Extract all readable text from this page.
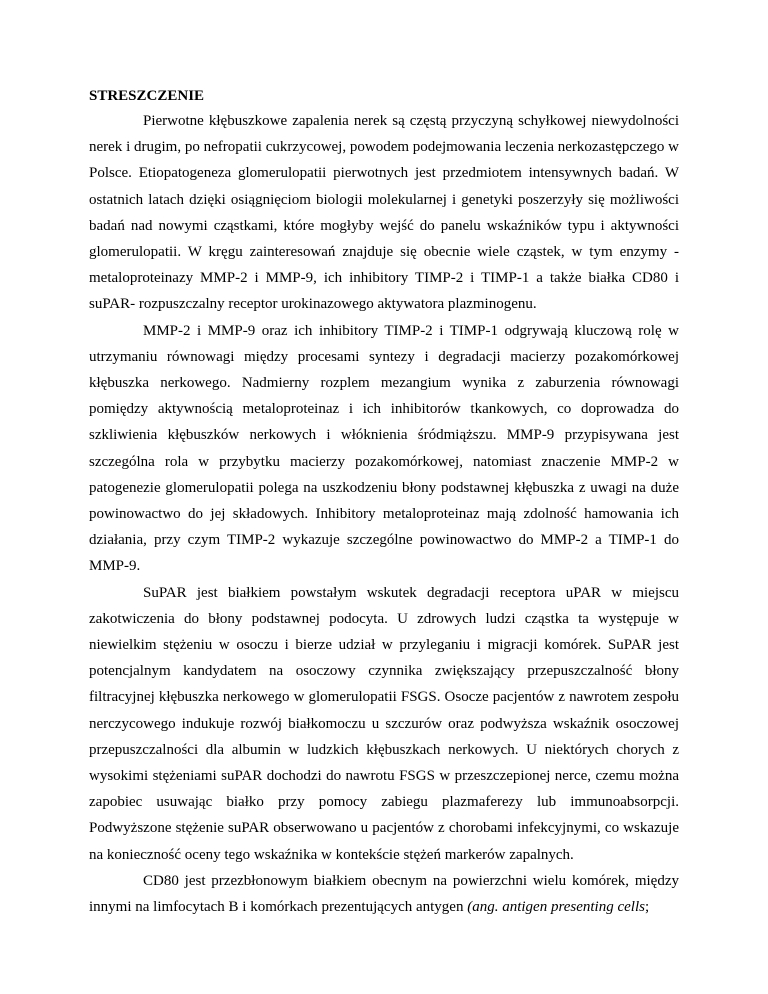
STRESZCZENIE

Pierwotne kłębuszkowe zapalenia nerek są częstą przyczyną schyłkowej niewydolności nerek i drugim, po nefropatii cukrzycowej, powodem podejmowania leczenia nerkozastępczego w Polsce. Etiopatogeneza glomerulopatii pierwotnych jest przedmiotem intensywnych badań. W ostatnich latach dzięki osiągnięciom biologii molekularnej i genetyki poszerzyły się możliwości badań nad nowymi cząstkami, które mogłyby wejść do panelu wskaźników typu i aktywności glomerulopatii. W kręgu zainteresowań znajduje się obecnie wiele cząstek, w tym enzymy - metaloproteinazy MMP-2 i MMP-9, ich inhibitory TIMP-2 i TIMP-1 a także białka CD80 i suPAR- rozpuszczalny receptor urokinazowego aktywatora plazminogenu.

MMP-2 i MMP-9 oraz ich inhibitory TIMP-2 i TIMP-1 odgrywają kluczową rolę w utrzymaniu równowagi między procesami syntezy i degradacji macierzy pozakomórkowej kłębuszka nerkowego. Nadmierny rozplem mezangium wynika z zaburzenia równowagi pomiędzy aktywnością metaloproteinaz i ich inhibitorów tkankowych, co doprowadza do szkliwienia kłębuszków nerkowych i włóknienia śródmiąższu. MMP-9 przypisywana jest szczególna rola w przybytku macierzy pozakomórkowej, natomiast znaczenie MMP-2 w patogenezie glomerulopatii polega na uszkodzeniu błony podstawnej kłębuszka z uwagi na duże powinowactwo do jej składowych. Inhibitory metaloproteinaz mają zdolność hamowania ich działania, przy czym TIMP-2 wykazuje szczególne powinowactwo do MMP-2 a TIMP-1 do MMP-9.

SuPAR jest białkiem powstałym wskutek degradacji receptora uPAR w miejscu zakotwiczenia do błony podstawnej podocyta. U zdrowych ludzi cząstka ta występuje w niewielkim stężeniu w osoczu i bierze udział w przyleganiu i migracji komórek. SuPAR jest potencjalnym kandydatem na osoczowy czynnika zwiększający przepuszczalność błony filtracyjnej kłębuszka nerkowego w glomerulopatii FSGS. Osocze pacjentów z nawrotem zespołu nerczycowego indukuje rozwój białkomoczu u szczurów oraz podwyższa wskaźnik osoczowej przepuszczalności dla albumin w ludzkich kłębuszkach nerkowych. U niektórych chorych z wysokimi stężeniami suPAR dochodzi do nawrotu FSGS w przeszczepionej nerce, czemu można zapobiec usuwając białko przy pomocy zabiegu plazmaferezy lub immunoabsorpcji. Podwyższone stężenie suPAR obserwowano u pacjentów z chorobami infekcyjnymi, co wskazuje na konieczność oceny tego wskaźnika w kontekście stężeń markerów zapalnych.

CD80 jest przezbłonowym białkiem obecnym na powierzchni wielu komórek, między innymi na limfocytach B i komórkach prezentujących antygen (ang. antigen presenting cells;
